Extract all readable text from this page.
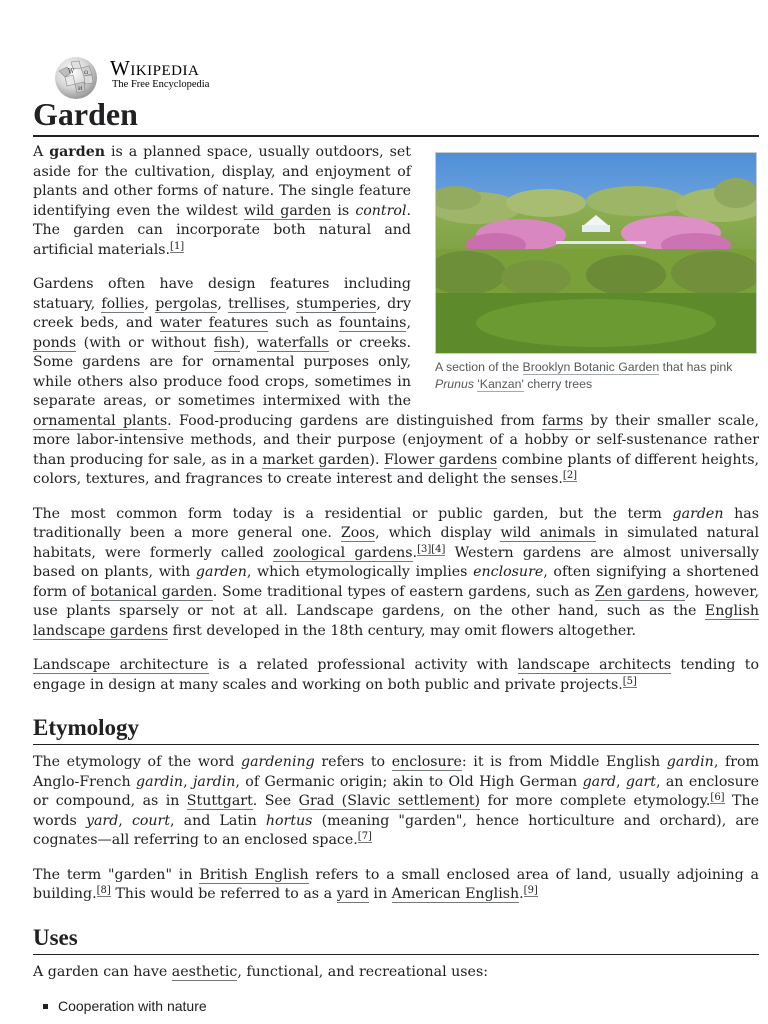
W Ω
И
Wikipedia
The Free Encyclopedia
Garden
A section of the Brooklyn Botanic Garden that has pink Prunus 'Kanzan' cherry trees

A garden is a planned space, usually outdoors, set aside for the cultivation, display, and enjoyment of plants and other forms of nature. The single feature identifying even the wildest wild garden is control. The garden can incorporate both natural and artificial materials.[1]

Gardens often have design features including statuary, follies, pergolas, trellises, stumperies, dry creek beds, and water features such as fountains, ponds (with or without fish), waterfalls or creeks. Some gardens are for ornamental purposes only, while others also produce food crops, sometimes in separate areas, or sometimes intermixed with the ornamental plants. Food-producing gardens are distinguished from farms by their smaller scale, more labor-intensive methods, and their purpose (enjoyment of a hobby or self-sustenance rather than producing for sale, as in a market garden). Flower gardens combine plants of different heights, colors, textures, and fragrances to create interest and delight the senses.[2]

The most common form today is a residential or public garden, but the term garden has traditionally been a more general one. Zoos, which display wild animals in simulated natural habitats, were formerly called zoological gardens.[3][4] Western gardens are almost universally based on plants, with garden, which etymologically implies enclosure, often signifying a shortened form of botanical garden. Some traditional types of eastern gardens, such as Zen gardens, however, use plants sparsely or not at all. Landscape gardens, on the other hand, such as the English landscape gardens first developed in the 18th century, may omit flowers altogether.

Landscape architecture is a related professional activity with landscape architects tending to engage in design at many scales and working on both public and private projects.[5]

Etymology

The etymology of the word gardening refers to enclosure: it is from Middle English gardin, from Anglo-French gardin, jardin, of Germanic origin; akin to Old High German gard, gart, an enclosure or compound, as in Stuttgart. See Grad (Slavic settlement) for more complete etymology.[6] The words yard, court, and Latin hortus (meaning "garden", hence horticulture and orchard), are cognates—all referring to an enclosed space.[7]

The term "garden" in British English refers to a small enclosed area of land, usually adjoining a building.[8] This would be referred to as a yard in American English.[9]

Uses

A garden can have aesthetic, functional, and recreational uses:

Cooperation with nature
